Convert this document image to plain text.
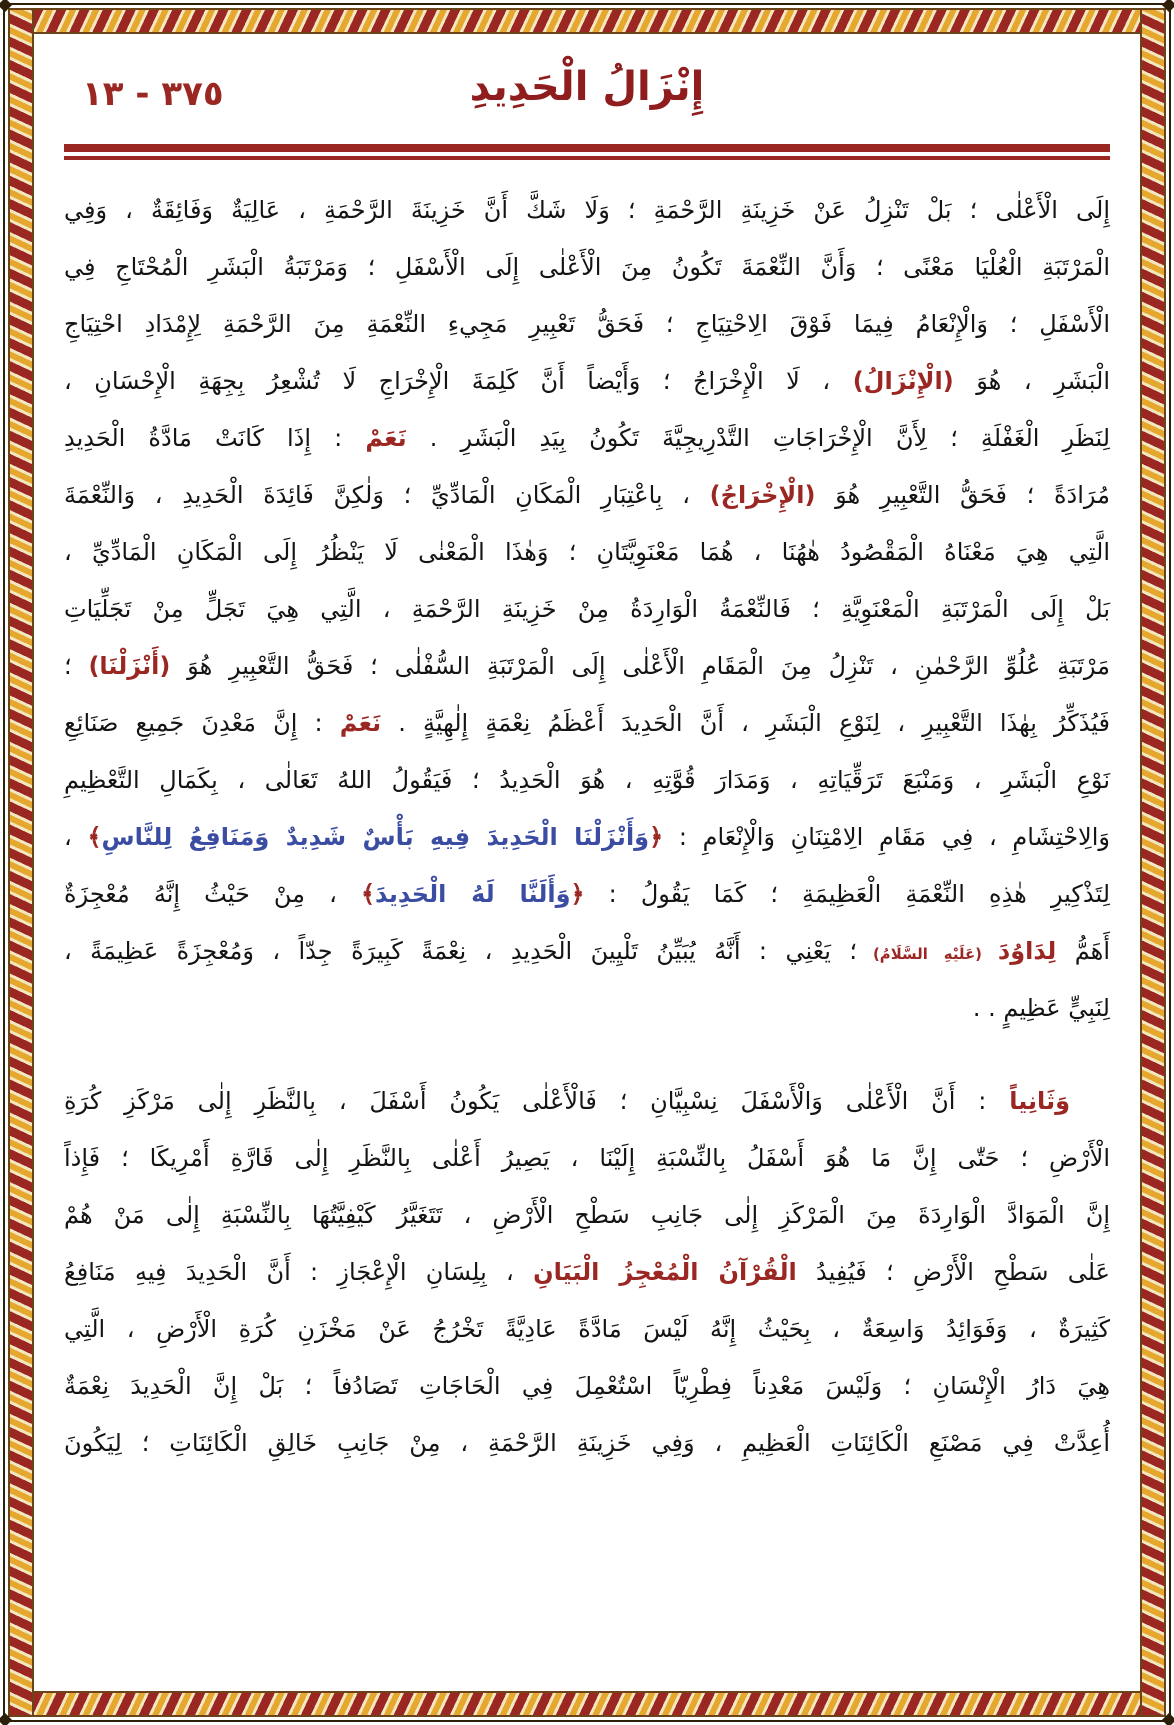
٣٧٥ - ١٣	إِنْزَالُ الْحَدِيدِ
إِلَى الْأَعْلٰى ؛ بَلْ تَنْزِلُ عَنْ خَزِينَةِ الرَّحْمَةِ ؛ وَلَا شَكَّ أَنَّ خَزِينَةَ الرَّحْمَةِ ، عَالِيَةٌ وَفَائِقَةٌ ، وَفِي
الْمَرْتَبَةِ الْعُلْيَا مَعْنًى ؛ وَأَنَّ النِّعْمَةَ تَكُونُ مِنَ الْأَعْلٰى إِلَى الْأَسْفَلِ ؛ وَمَرْتَبَةُ الْبَشَرِ الْمُحْتَاجِ فِي
الْأَسْفَلِ ؛ وَالْإِنْعَامُ فِيمَا فَوْقَ الِاحْتِيَاجِ ؛ فَحَقُّ تَعْبِيرِ مَجِيءِ النِّعْمَةِ مِنَ الرَّحْمَةِ لِإِمْدَادِ احْتِيَاجِ
الْبَشَرِ ، هُوَ (الْإِنْزَالُ) ، لَا الْإِخْرَاجُ ؛ وَأَيْضاً أَنَّ كَلِمَةَ الْإِخْرَاجِ لَا تُشْعِرُ بِجِهَةِ الْإِحْسَانِ ،
لِنَظَرِ الْغَفْلَةِ ؛ لِأَنَّ الْإِخْرَاجَاتِ التَّدْرِيجِيَّةَ تَكُونُ بِيَدِ الْبَشَرِ . نَعَمْ : إِذَا كَانَتْ مَادَّةُ الْحَدِيدِ
مُرَادَةً ؛ فَحَقُّ التَّعْبِيرِ هُوَ (الْإِخْرَاجُ) ، بِاعْتِبَارِ الْمَكَانِ الْمَادِّيِّ ؛ وَلٰكِنَّ فَائِدَةَ الْحَدِيدِ ، وَالنِّعْمَةَ
الَّتِي هِيَ مَعْنَاهُ الْمَقْصُودُ هٰهُنَا ، هُمَا مَعْنَوِيَّتَانِ ؛ وَهٰذَا الْمَعْنٰى لَا يَنْظُرُ إِلَى الْمَكَانِ الْمَادِّيِّ ،
بَلْ إِلَى الْمَرْتَبَةِ الْمَعْنَوِيَّةِ ؛ فَالنِّعْمَةُ الْوَارِدَةُ مِنْ خَزِينَةِ الرَّحْمَةِ ، الَّتِي هِيَ تَجَلٍّ مِنْ تَجَلِّيَاتِ
مَرْتَبَةِ عُلُوِّ الرَّحْمٰنِ ، تَنْزِلُ مِنَ الْمَقَامِ الْأَعْلٰى إِلَى الْمَرْتَبَةِ السُّفْلٰى ؛ فَحَقُّ التَّعْبِيرِ هُوَ (أَنْزَلْنَا) ؛
فَيُذَكِّرُ بِهٰذَا التَّعْبِيرِ ، لِنَوْعِ الْبَشَرِ ، أَنَّ الْحَدِيدَ أَعْظَمُ نِعْمَةٍ إِلٰهِيَّةٍ . نَعَمْ : إِنَّ مَعْدِنَ جَمِيعِ صَنَائِعِ
نَوْعِ الْبَشَرِ ، وَمَنْبَعَ تَرَقِّيَاتِهِ ، وَمَدَارَ قُوَّتِهِ ، هُوَ الْحَدِيدُ ؛ فَيَقُولُ اللهُ تَعَالٰى ، بِكَمَالِ التَّعْظِيمِ
وَالِاحْتِشَامِ ، فِي مَقَامِ الِامْتِنَانِ وَالْإِنْعَامِ : ﴿وَأَنْزَلْنَا الْحَدِيدَ فِيهِ بَأْسٌ شَدِيدٌ وَمَنَافِعُ لِلنَّاسِ﴾ ،
لِتَذْكِيرِ هٰذِهِ النِّعْمَةِ الْعَظِيمَةِ ؛ كَمَا يَقُولُ : ﴿وَأَلَنَّا لَهُ الْحَدِيدَ﴾ ، مِنْ حَيْثُ إِنَّهُ مُعْجِزَةٌ
أَهَمُّ لِدَاوُدَ (عَلَيْهِ السَّلَامُ) ؛ يَعْنِي : أَنَّهُ يُبَيِّنُ تَلْيِينَ الْحَدِيدِ ، نِعْمَةً كَبِيرَةً جِدّاً ، وَمُعْجِزَةً عَظِيمَةً ،
لِنَبِيٍّ عَظِيمٍ . .
وَثَانِياً : أَنَّ الْأَعْلٰى وَالْأَسْفَلَ نِسْبِيَّانِ ؛ فَالْأَعْلٰى يَكُونُ أَسْفَلَ ، بِالنَّظَرِ إِلٰى مَرْكَزِ كُرَةِ
الْأَرْضِ ؛ حَتّٰى إِنَّ مَا هُوَ أَسْفَلُ بِالنِّسْبَةِ إِلَيْنَا ، يَصِيرُ أَعْلٰى بِالنَّظَرِ إِلٰى قَارَّةِ أَمْرِيكَا ؛ فَإِذاً
إِنَّ الْمَوَادَّ الْوَارِدَةَ مِنَ الْمَرْكَزِ إِلٰى جَانِبِ سَطْحِ الْأَرْضِ ، تَتَغَيَّرُ كَيْفِيَّتُهَا بِالنِّسْبَةِ إِلٰى مَنْ هُمْ
عَلٰى سَطْحِ الْأَرْضِ ؛ فَيُفِيدُ الْقُرْآنُ الْمُعْجِزُ الْبَيَانِ ، بِلِسَانِ الْإِعْجَازِ : أَنَّ الْحَدِيدَ فِيهِ مَنَافِعُ
كَثِيرَةٌ ، وَفَوَائِدُ وَاسِعَةٌ ، بِحَيْثُ إِنَّهُ لَيْسَ مَادَّةً عَادِيَّةً تَخْرُجُ عَنْ مَخْزَنِ كُرَةِ الْأَرْضِ ، الَّتِي
هِيَ دَارُ الْإِنْسَانِ ؛ وَلَيْسَ مَعْدِناً فِطْرِيّاً اسْتُعْمِلَ فِي الْحَاجَاتِ تَصَادُفاً ؛ بَلْ إِنَّ الْحَدِيدَ نِعْمَةٌ
أُعِدَّتْ فِي مَصْنَعِ الْكَائِنَاتِ الْعَظِيمِ ، وَفِي خَزِينَةِ الرَّحْمَةِ ، مِنْ جَانِبِ خَالِقِ الْكَائِنَاتِ ؛ لِيَكُونَ
